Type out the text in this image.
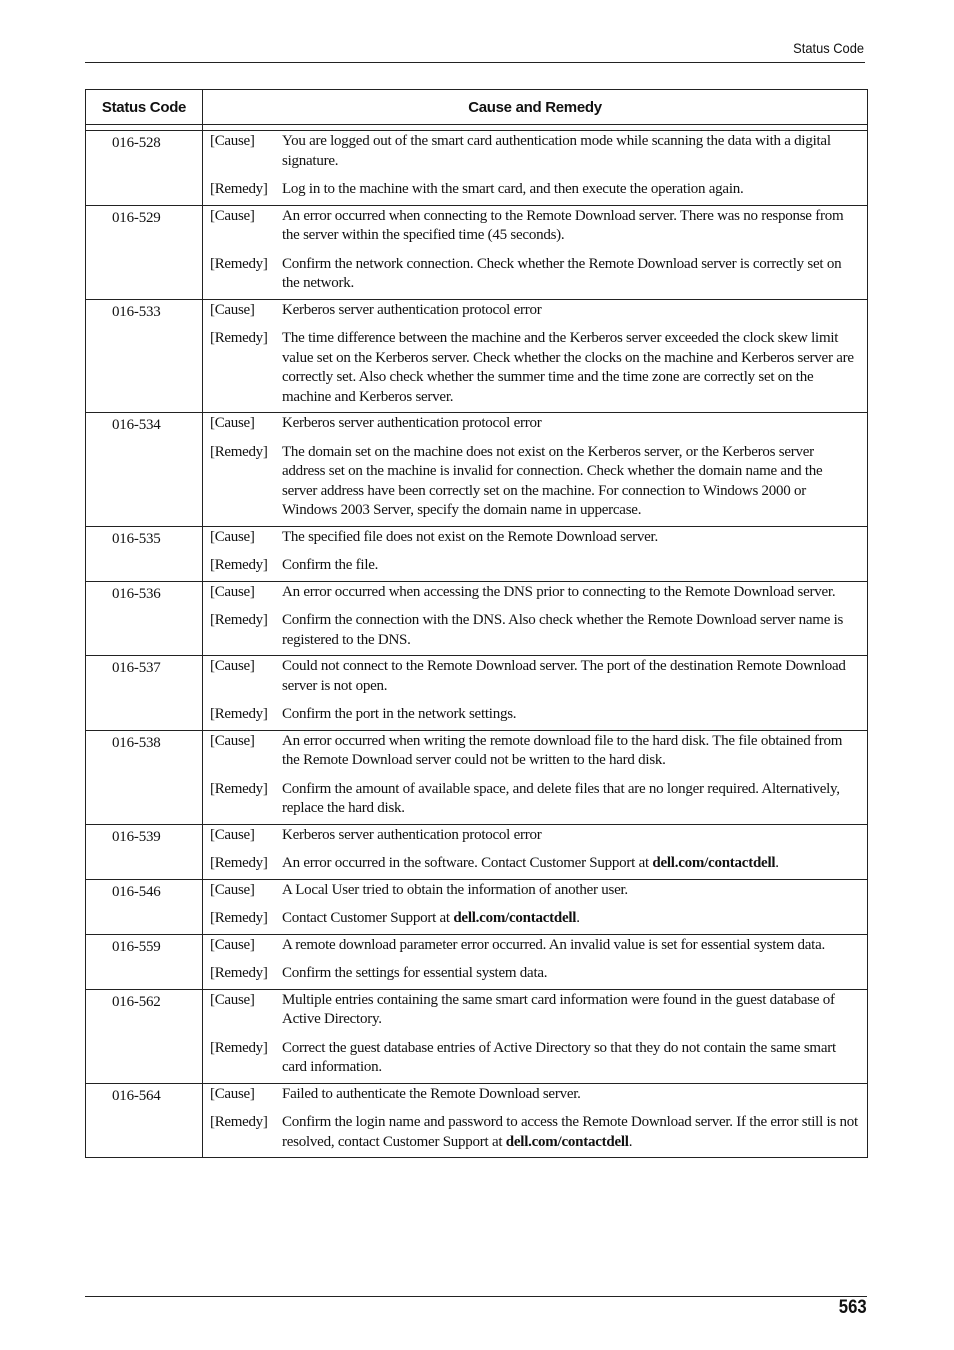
Status Code
Status Code	Cause and Remedy

016-528	[Cause] You are logged out of the smart card authentication mode while scanning the data with a digital signature.
[Remedy] Log in to the machine with the smart card, and then execute the operation again.

016-529	[Cause] An error occurred when connecting to the Remote Download server. There was no response from the server within the specified time (45 seconds).
[Remedy] Confirm the network connection. Check whether the Remote Download server is correctly set on the network.

016-533	[Cause] Kerberos server authentication protocol error
[Remedy] The time difference between the machine and the Kerberos server exceeded the clock skew limit value set on the Kerberos server. Check whether the clocks on the machine and Kerberos server are correctly set. Also check whether the summer time and the time zone are correctly set on the machine and Kerberos server.

016-534	[Cause] Kerberos server authentication protocol error
[Remedy] The domain set on the machine does not exist on the Kerberos server, or the Kerberos server address set on the machine is invalid for connection. Check whether the domain name and the server address have been correctly set on the machine. For connection to Windows 2000 or Windows 2003 Server, specify the domain name in uppercase.

016-535	[Cause] The specified file does not exist on the Remote Download server.
[Remedy] Confirm the file.

016-536	[Cause] An error occurred when accessing the DNS prior to connecting to the Remote Download server.
[Remedy] Confirm the connection with the DNS. Also check whether the Remote Download server name is registered to the DNS.

016-537	[Cause] Could not connect to the Remote Download server. The port of the destination Remote Download server is not open.
[Remedy] Confirm the port in the network settings.

016-538	[Cause] An error occurred when writing the remote download file to the hard disk. The file obtained from the Remote Download server could not be written to the hard disk.
[Remedy] Confirm the amount of available space, and delete files that are no longer required. Alternatively, replace the hard disk.

016-539	[Cause] Kerberos server authentication protocol error
[Remedy] An error occurred in the software. Contact Customer Support at dell.com/contactdell.

016-546	[Cause] A Local User tried to obtain the information of another user.
[Remedy] Contact Customer Support at dell.com/contactdell.

016-559	[Cause] A remote download parameter error occurred. An invalid value is set for essential system data.
[Remedy] Confirm the settings for essential system data.

016-562	[Cause] Multiple entries containing the same smart card information were found in the guest database of Active Directory.
[Remedy] Correct the guest database entries of Active Directory so that they do not contain the same smart card information.

016-564	[Cause] Failed to authenticate the Remote Download server.
[Remedy] Confirm the login name and password to access the Remote Download server. If the error still is not resolved, contact Customer Support at dell.com/contactdell.
563
